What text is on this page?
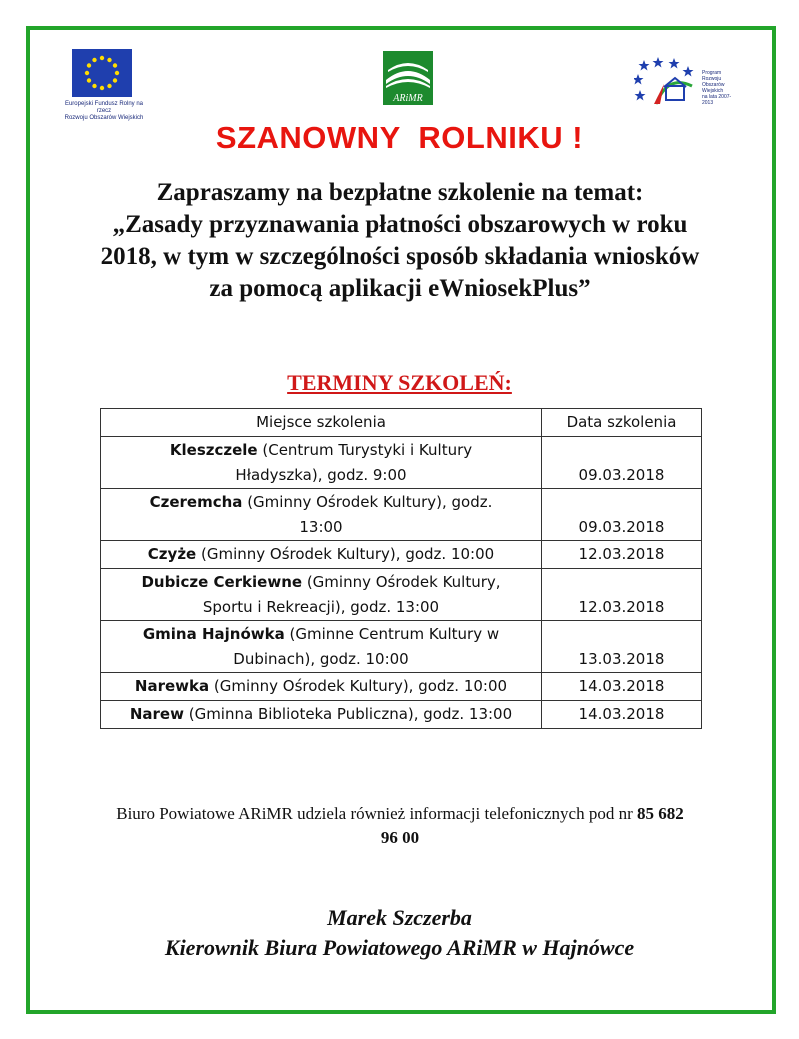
Europejski Fundusz Rolny na rzecz
Rozwoju Obszarów Wiejskich
ARiMR
Program
Rozwoju
Obszarów
Wiejskich
na lata 2007-2013
SZANOWNY  ROLNIKU !
Zapraszamy na bezpłatne szkolenie na temat:
„Zasady przyznawania płatności obszarowych w roku
2018, w tym w szczególności sposób składania wniosków
za pomocą aplikacji eWniosekPlus”
TERMINY SZKOLEŃ:
Miejsce szkolenia	Data szkolenia
Kleszczele (Centrum Turystyki i Kultury
Hładyszka), godz. 9:00	09.03.2018
Czeremcha (Gminny Ośrodek Kultury), godz.
13:00	09.03.2018
Czyże (Gminny Ośrodek Kultury), godz. 10:00	12.03.2018
Dubicze Cerkiewne (Gminny Ośrodek Kultury,
Sportu i Rekreacji), godz. 13:00	12.03.2018
Gmina Hajnówka (Gminne Centrum Kultury w
Dubinach), godz. 10:00	13.03.2018
Narewka (Gminny Ośrodek Kultury), godz. 10:00	14.03.2018
Narew (Gminna Biblioteka Publiczna), godz. 13:00	14.03.2018
Biuro Powiatowe ARiMR udziela również informacji telefonicznych pod nr 85 682
96 00
Marek Szczerba
Kierownik Biura Powiatowego ARiMR w Hajnówce
